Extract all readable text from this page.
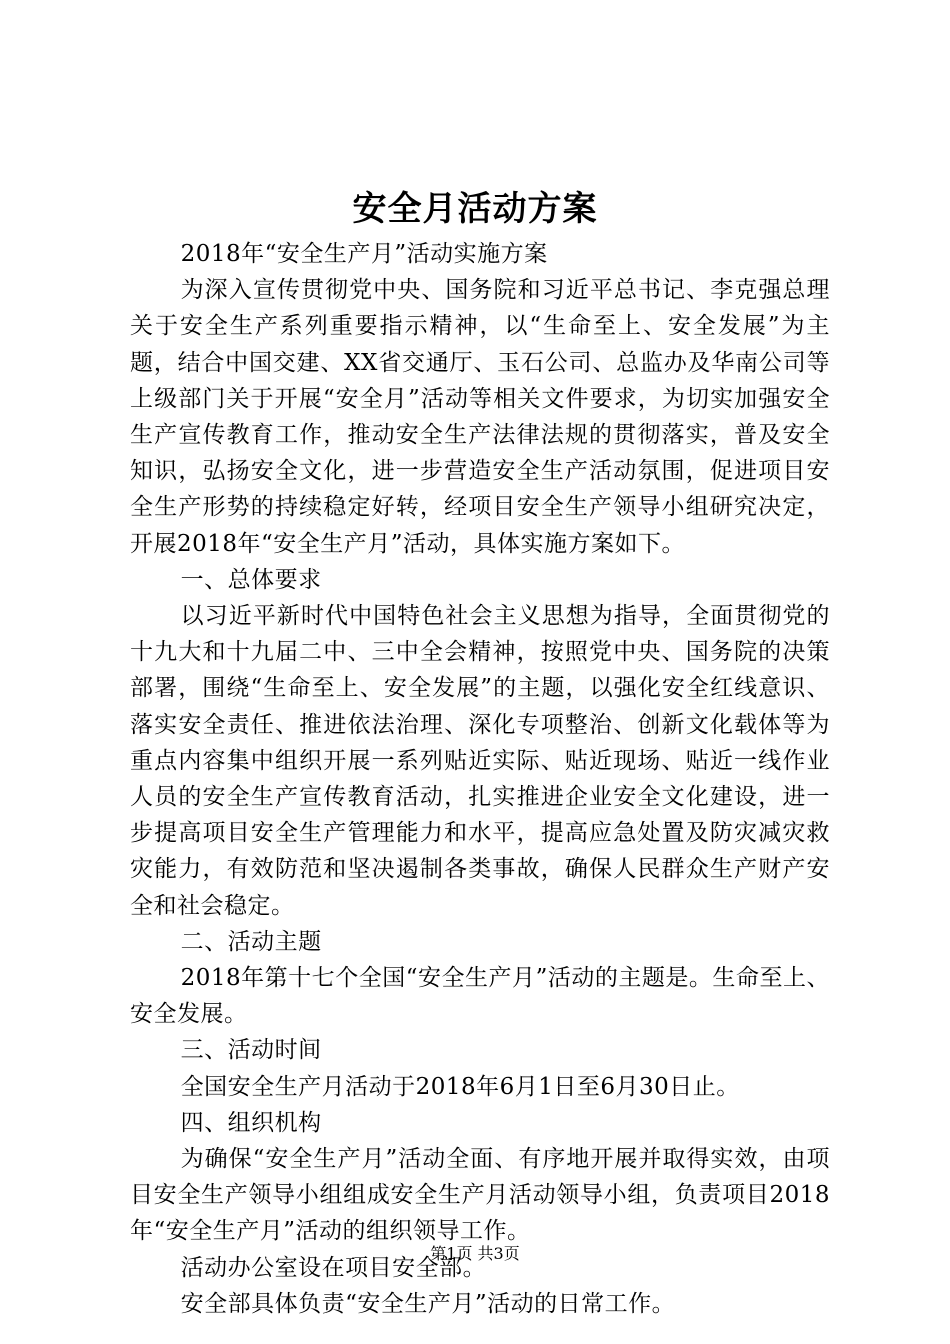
安全月活动方案

2018年“安全生产月”活动实施方案

为深入宣传贯彻党中央、国务院和习近平总书记、李克强总理关于安全生产系列重要指示精神，以“生命至上、安全发展”为主题，结合中国交建、XX省交通厅、玉石公司、总监办及华南公司等上级部门关于开展“安全月”活动等相关文件要求，为切实加强安全生产宣传教育工作，推动安全生产法律法规的贯彻落实，普及安全知识，弘扬安全文化，进一步营造安全生产活动氛围，促进项目安全生产形势的持续稳定好转，经项目安全生产领导小组研究决定，开展2018年“安全生产月”活动，具体实施方案如下。

一、总体要求

以习近平新时代中国特色社会主义思想为指导，全面贯彻党的十九大和十九届二中、三中全会精神，按照党中央、国务院的决策部署，围绕“生命至上、安全发展”的主题，以强化安全红线意识、落实安全责任、推进依法治理、深化专项整治、创新文化载体等为重点内容集中组织开展一系列贴近实际、贴近现场、贴近一线作业人员的安全生产宣传教育活动，扎实推进企业安全文化建设，进一步提高项目安全生产管理能力和水平，提高应急处置及防灾减灾救灾能力，有效防范和坚决遏制各类事故，确保人民群众生产财产安全和社会稳定。

二、活动主题

2018年第十七个全国“安全生产月”活动的主题是。生命至上、安全发展。

三、活动时间

全国安全生产月活动于2018年6月1日至6月30日止。

四、组织机构

为确保“安全生产月”活动全面、有序地开展并取得实效，由项目安全生产领导小组组成安全生产月活动领导小组，负责项目2018年“安全生产月”活动的组织领导工作。

活动办公室设在项目安全部。

安全部具体负责“安全生产月”活动的日常工作。

第1页 共3页
